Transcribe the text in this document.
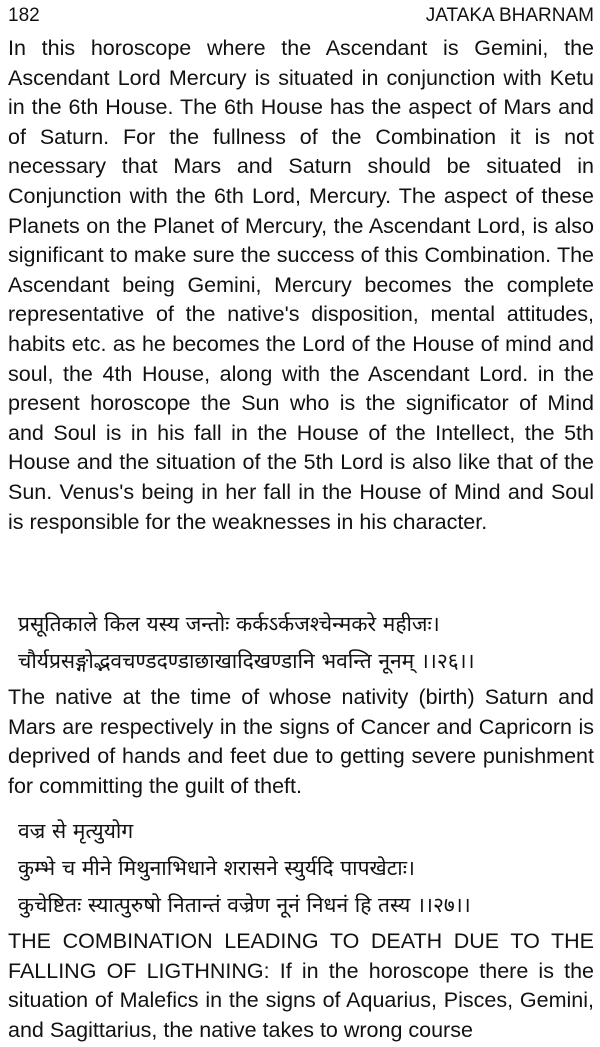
182	JATAKA BHARNAM

In this horoscope where the Ascendant is Gemini, the Ascendant Lord Mercury is situated in conjunction with Ketu in the 6th House. The 6th House has the aspect of Mars and of Saturn. For the fullness of the Combination it is not necessary that Mars and Saturn should be situated in Conjunction with the 6th Lord, Mercury. The aspect of these Planets on the Planet of Mercury, the Ascendant Lord, is also significant to make sure the success of this Combination. The Ascendant being Gemini, Mercury becomes the complete representative of the native's disposition, mental attitudes, habits etc. as he becomes the Lord of the House of mind and soul, the 4th House, along with the Ascendant Lord. in the present horoscope the Sun who is the significator of Mind and Soul is in his fall in the House of the Intellect, the 5th House and the situation of the 5th Lord is also like that of the Sun. Venus's being in her fall in the House of Mind and Soul is responsible for the weaknesses in his character.

प्रसूतिकाले किल यस्य जन्तोः कर्कऽर्कजश्चेन्मकरे महीजः।
चौर्यप्रसङ्गोद्भवचण्डदण्डाछाखादिखण्डानि भवन्ति नूनम् ।।२६।।

The native at the time of whose nativity (birth) Saturn and Mars are respectively in the signs of Cancer and Capricorn is deprived of hands and feet due to getting severe punishment for committing the guilt of theft.

वज्र से मृत्युयोग
कुम्भे च मीने मिथुनाभिधाने शरासने स्युर्यदि पापखेटाः।
कुचेष्टितः स्यात्पुरुषो नितान्तं वज्रेण नूनं निधनं हि तस्य ।।२७।।

THE COMBINATION LEADING TO DEATH DUE TO THE FALLING OF LIGTHNING: If in the horoscope there is the situation of Malefics in the signs of Aquarius, Pisces, Gemini, and Sagittarius, the native takes to wrong course
